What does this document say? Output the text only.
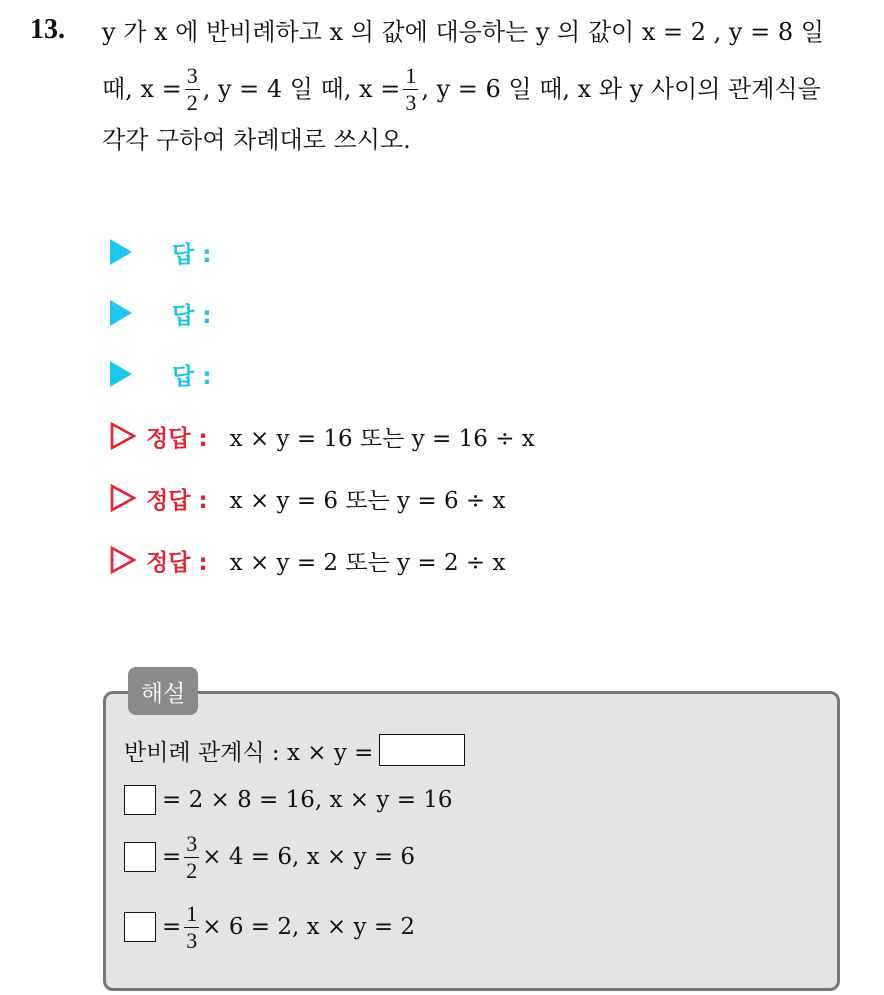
13. y 가 x 에 반비례하고 x 의 값에 대응하는 y 의 값이 x = 2 , y = 8 일
때, $x = \frac{3}{2}$ , y = 4 일 때, $x = \frac{1}{3}$ , y = 6 일 때, x 와 y 사이의 관계식을
각각 구하여 차례대로 쓰시오.
답 :
답 :
답 :
정답 : x × y = 16 또는 y = 16 ÷ x
정답 : x × y = 6 또는 y = 6 ÷ x
정답 : x × y = 2 또는 y = 2 ÷ x
해설
반비례 관계식 : x × y =
= 2 × 8 = 16, x × y = 16
= $\frac{3}{2} \times 4 = 6$, x × y = 6
= $\frac{1}{3} \times 6 = 2$, x × y = 2
